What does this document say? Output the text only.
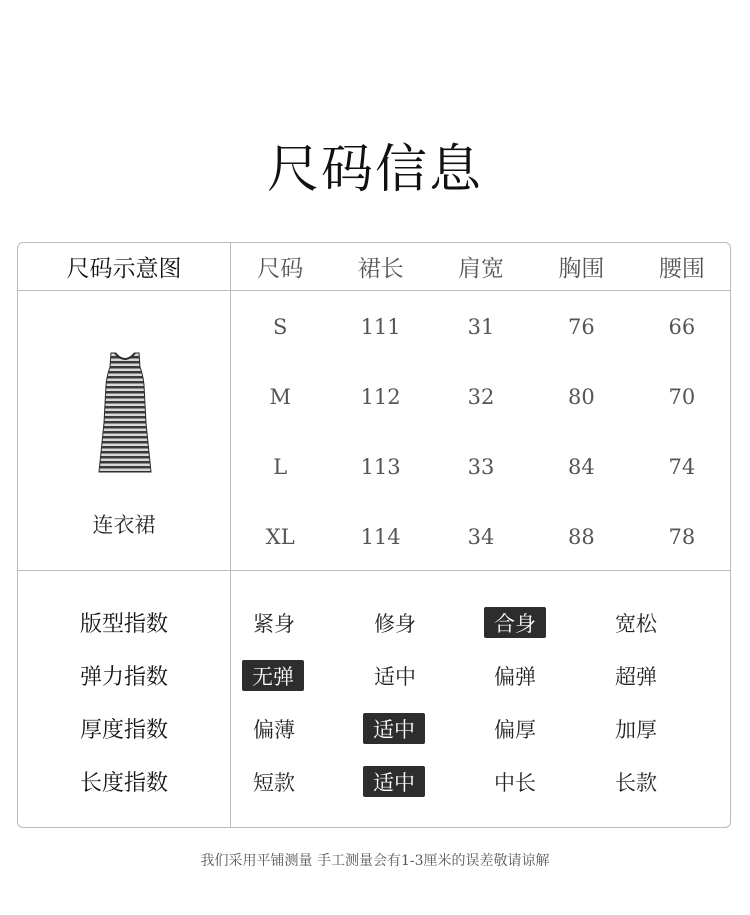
尺码信息
尺码示意图	尺码	裙长	肩宽	胸围	腰围
连衣裙
S	111	31	76	66
M	112	32	80	70
L	113	33	84	74
XL	114	34	88	78
版型指数	紧身	修身	合身	宽松
弹力指数	无弹	适中	偏弹	超弹
厚度指数	偏薄	适中	偏厚	加厚
长度指数	短款	适中	中长	长款
我们采用平铺测量 手工测量会有1-3厘米的误差敬请谅解
